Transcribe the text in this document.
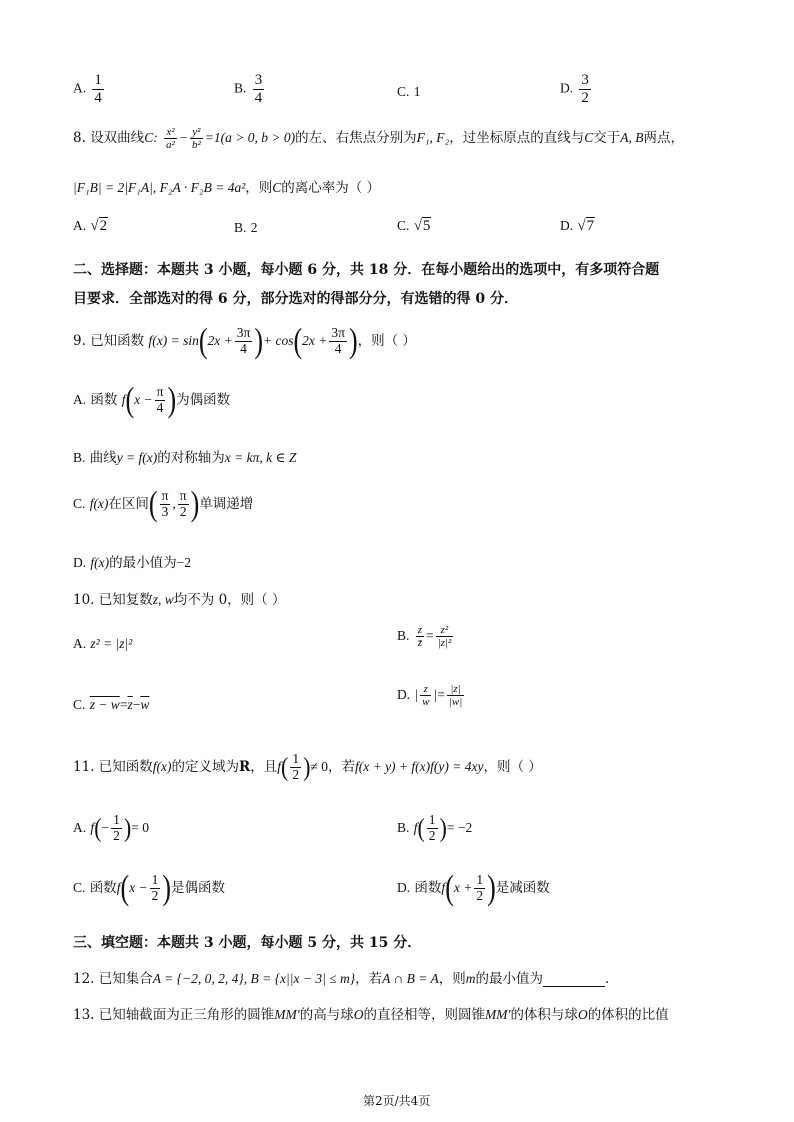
A. $\frac{1}{4}$	B. $\frac{3}{4}$	C. 1	D. $\frac{3}{2}$
8. 设双曲线C: $\frac{\text{x²}}{\text{a²}} - \frac{\text{y²}}{\text{b²}} =1(a > 0$, b > 0)的左、右焦点分别为F₁, F₂，过坐标原点的直线与C交于A, B两点，
|F₁B| = 2|F₁A|, F₂A · F₂B = 4a²，则C的离心率为（ ）
A. √2	B. 2	C. √5	D. √7
二、选择题：本题共 3 小题，每小题 6 分，共 18 分．在每小题给出的选项中，有多项符合题
目要求．全部选对的得 6 分，部分选对的得部分分，有选错的得 0 分．
9. 已知函数 $f(x) = \sin(2x + \frac{3\pi}{4}$ )+ $\cos(2x + \frac{3\pi}{4}$ )，则（ ）
A. 函数 $f(x - \frac{\pi}{4}$ )为偶函数
B. 曲线y = f(x)的对称轴为x = kπ, k ∈ Z
C. f(x)在区间( $\frac{\pi}{3}$ , $\frac{\pi}{2}$ )单调递增
D. f(x)的最小值为−2
10. 已知复数z, w均不为 0，则（ ）
A. z² = |z|²
B. $\frac{z}{z̄} = \frac{\text{z²}}{\text{|z|²}}$
C. $z - w=\overline{z}-\overline{w}$
D. | $\frac{z}{w}$ |= $\frac{|z|}{|w|}$
11. 已知函数f(x)的定义域为R，且$f( \frac{1}{2}$ )≠ 0，若f(x + y) + f(x)f(y) = 4xy，则（ ）
A. $f(- \frac{1}{2}$ )= 0	B. $f( \frac{1}{2}$ )= −2
C. 函数$f(x - \frac{1}{2}$ )是偶函数	D. 函数$f(x + \frac{1}{2}$ )是减函数
三、填空题：本题共 3 小题，每小题 5 分，共 15 分．
12. 已知集合A = {−2, 0, 2, 4}, B = {x||x − 3| ≤ m}，若A ∩ B = A，则m的最小值为	．
13. 已知轴截面为正三角形的圆锥MM′的高与球O的直径相等，则圆锥MM′的体积与球O的体积的比值
第2页/共4页
